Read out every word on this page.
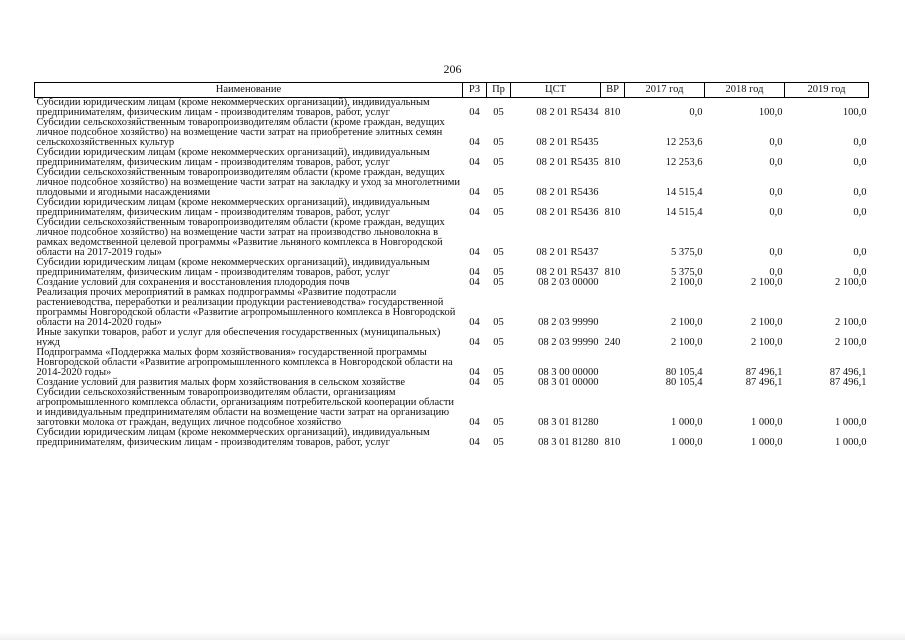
206
Наименование	РЗ	Пр	ЦСТ	ВР	2017 год	2018 год	2019 год
Субсидии юридическим лицам (кроме некоммерческих организаций), индивидуальным предпринимателям, физическим лицам - производителям товаров, работ, услуг	04	05	08 2 01 R5434	810	0,0	100,0	100,0
Субсидии сельскохозяйственным товаропроизводителям области (кроме граждан, ведущих личное подсобное хозяйство) на возмещение части затрат на приобретение элитных семян сельскохозяйственных культур	04	05	08 2 01 R5435		12 253,6	0,0	0,0
Субсидии юридическим лицам (кроме некоммерческих организаций), индивидуальным предпринимателям, физическим лицам - производителям товаров, работ, услуг	04	05	08 2 01 R5435	810	12 253,6	0,0	0,0
Субсидии сельскохозяйственным товаропроизводителям области (кроме граждан, ведущих личное подсобное хозяйство) на возмещение части затрат на закладку и уход за многолетними плодовыми и ягодными насаждениями	04	05	08 2 01 R5436		14 515,4	0,0	0,0
Субсидии юридическим лицам (кроме некоммерческих организаций), индивидуальным предпринимателям, физическим лицам - производителям товаров, работ, услуг	04	05	08 2 01 R5436	810	14 515,4	0,0	0,0
Субсидии сельскохозяйственным товаропроизводителям области (кроме граждан, ведущих личное подсобное хозяйство) на возмещение части затрат на производство льноволокна в рамках ведомственной целевой программы «Развитие льняного комплекса в Новгородской области на 2017-2019 годы»	04	05	08 2 01 R5437		5 375,0	0,0	0,0
Субсидии юридическим лицам (кроме некоммерческих организаций), индивидуальным предпринимателям, физическим лицам - производителям товаров, работ, услуг	04	05	08 2 01 R5437	810	5 375,0	0,0	0,0
Создание условий для сохранения и восстановления плодородия почв	04	05	08 2 03 00000		2 100,0	2 100,0	2 100,0
Реализация прочих мероприятий в рамках подпрограммы «Развитие подотрасли растениеводства, переработки и реализации продукции растениеводства» государственной программы Новгородской области «Развитие агропромышленного комплекса в Новгородской области на 2014-2020 годы»	04	05	08 2 03 99990		2 100,0	2 100,0	2 100,0
Иные закупки товаров, работ и услуг для обеспечения государственных (муниципальных) нужд	04	05	08 2 03 99990	240	2 100,0	2 100,0	2 100,0
Подпрограмма «Поддержка малых форм хозяйствования» государственной программы Новгородской области «Развитие агропромышленного комплекса в Новгородской области на 2014-2020 годы»	04	05	08 3 00 00000		80 105,4	87 496,1	87 496,1
Создание условий для развития малых форм хозяйствования в сельском хозяйстве	04	05	08 3 01 00000		80 105,4	87 496,1	87 496,1
Субсидии сельскохозяйственным товаропроизводителям области, организациям агропромышленного комплекса области, организациям потребительской кооперации области и индивидуальным предпринимателям области на возмещение части затрат на организацию заготовки молока от граждан, ведущих личное подсобное хозяйство	04	05	08 3 01 81280		1 000,0	1 000,0	1 000,0
Субсидии юридическим лицам (кроме некоммерческих организаций), индивидуальным предпринимателям, физическим лицам - производителям товаров, работ, услуг	04	05	08 3 01 81280	810	1 000,0	1 000,0	1 000,0
